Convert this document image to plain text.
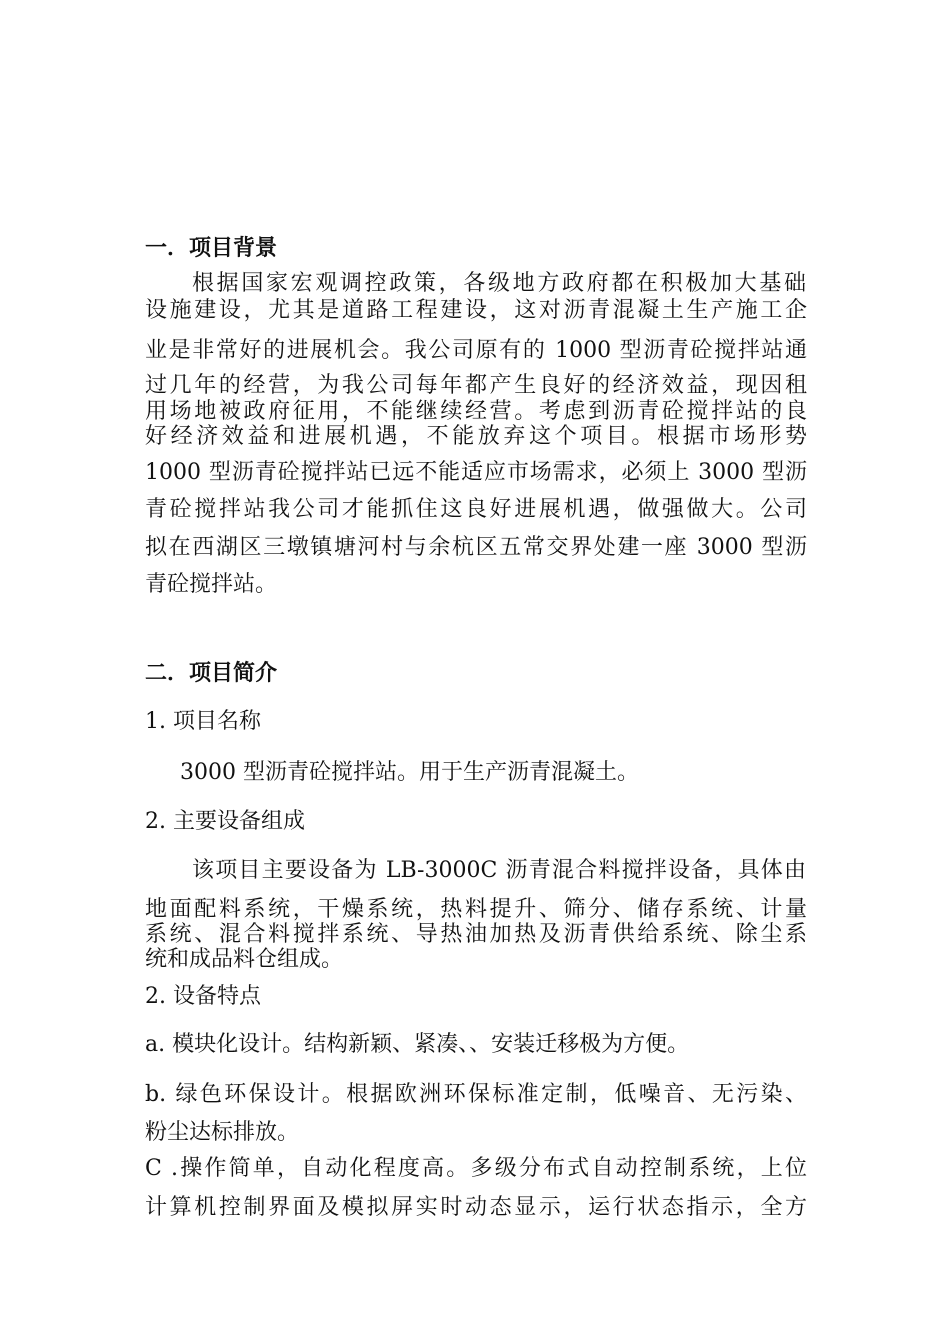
一．项目背景
根据国家宏观调控政策，各级地方政府都在积极加大基础
设施建设，尤其是道路工程建设，这对沥青混凝土生产施工企
业是非常好的进展机会。我公司原有的 1000 型沥青砼搅拌站通
过几年的经营，为我公司每年都产生良好的经济效益，现因租
用场地被政府征用，不能继续经营。考虑到沥青砼搅拌站的良
好经济效益和进展机遇，不能放弃这个项目。根据市场形势
1000 型沥青砼搅拌站已远不能适应市场需求，必须上 3000 型沥
青砼搅拌站我公司才能抓住这良好进展机遇，做强做大。公司
拟在西湖区三墩镇塘河村与余杭区五常交界处建一座 3000 型沥
青砼搅拌站。
二．项目简介
1. 项目名称
3000 型沥青砼搅拌站。用于生产沥青混凝土。
2. 主要设备组成
该项目主要设备为 LB-3000C 沥青混合料搅拌设备，具体由
地面配料系统，干燥系统，热料提升、筛分、储存系统、计量
系统、混合料搅拌系统、导热油加热及沥青供给系统、除尘系
统和成品料仓组成。
2. 设备特点
a. 模块化设计。结构新颖、紧凑、、安装迁移极为方便。
b. 绿色环保设计。根据欧洲环保标准定制，低噪音、无污染、
粉尘达标排放。
C .操作简单，自动化程度高。多级分布式自动控制系统，上位
计算机控制界面及模拟屏实时动态显示，运行状态指示，全方
